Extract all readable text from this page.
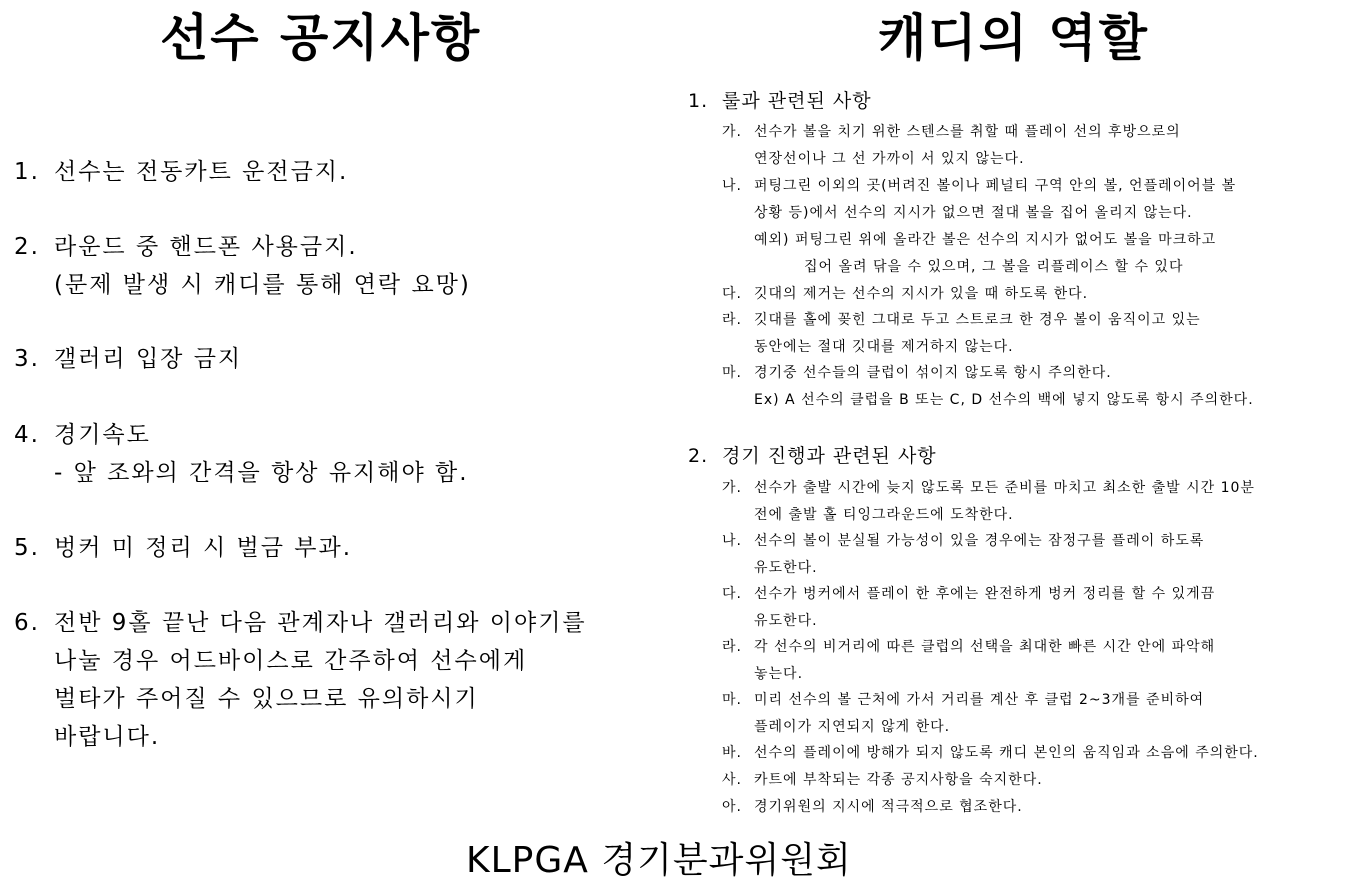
선수 공지사항	캐디의 역할
1. 선수는 전동카트 운전금지.
2. 라운드 중 핸드폰 사용금지.
(문제 발생 시 캐디를 통해 연락 요망)
3. 갤러리 입장 금지
4. 경기속도
- 앞 조와의 간격을 항상 유지해야 함.
5. 벙커 미 정리 시 벌금 부과.
6. 전반 9홀 끝난 다음 관계자나 갤러리와 이야기를
나눌 경우 어드바이스로 간주하여 선수에게
벌타가 주어질 수 있으므로 유의하시기
바랍니다.
1. 룰과 관련된 사항
가. 선수가 볼을 치기 위한 스텐스를 취할 때 플레이 선의 후방으로의
연장선이나 그 선 가까이 서 있지 않는다.
나. 퍼팅그린 이외의 곳(버려진 볼이나 페널티 구역 안의 볼, 언플레이어블 볼
상황 등)에서 선수의 지시가 없으면 절대 볼을 집어 올리지 않는다.
예외) 퍼팅그린 위에 올라간 볼은 선수의 지시가 없어도 볼을 마크하고
집어 올려 닦을 수 있으며, 그 볼을 리플레이스 할 수 있다
다. 깃대의 제거는 선수의 지시가 있을 때 하도록 한다.
라. 깃대를 홀에 꽂힌 그대로 두고 스트로크 한 경우 볼이 움직이고 있는
동안에는 절대 깃대를 제거하지 않는다.
마. 경기중 선수들의 클럽이 섞이지 않도록 항시 주의한다.
Ex) A 선수의 클럽을 B 또는 C, D 선수의 백에 넣지 않도록 항시 주의한다.
2. 경기 진행과 관련된 사항
가. 선수가 출발 시간에 늦지 않도록 모든 준비를 마치고 최소한 출발 시간 10분
전에 출발 홀 티잉그라운드에 도착한다.
나. 선수의 볼이 분실될 가능성이 있을 경우에는 잠정구를 플레이 하도록
유도한다.
다. 선수가 벙커에서 플레이 한 후에는 완전하게 벙커 정리를 할 수 있게끔
유도한다.
라. 각 선수의 비거리에 따른 클럽의 선택을 최대한 빠른 시간 안에 파악해
놓는다.
마. 미리 선수의 볼 근처에 가서 거리를 계산 후 클럽 2~3개를 준비하여
플레이가 지연되지 않게 한다.
바. 선수의 플레이에 방해가 되지 않도록 캐디 본인의 움직임과 소음에 주의한다.
사. 카트에 부착되는 각종 공지사항을 숙지한다.
아. 경기위원의 지시에 적극적으로 협조한다.
KLPGA 경기분과위원회
